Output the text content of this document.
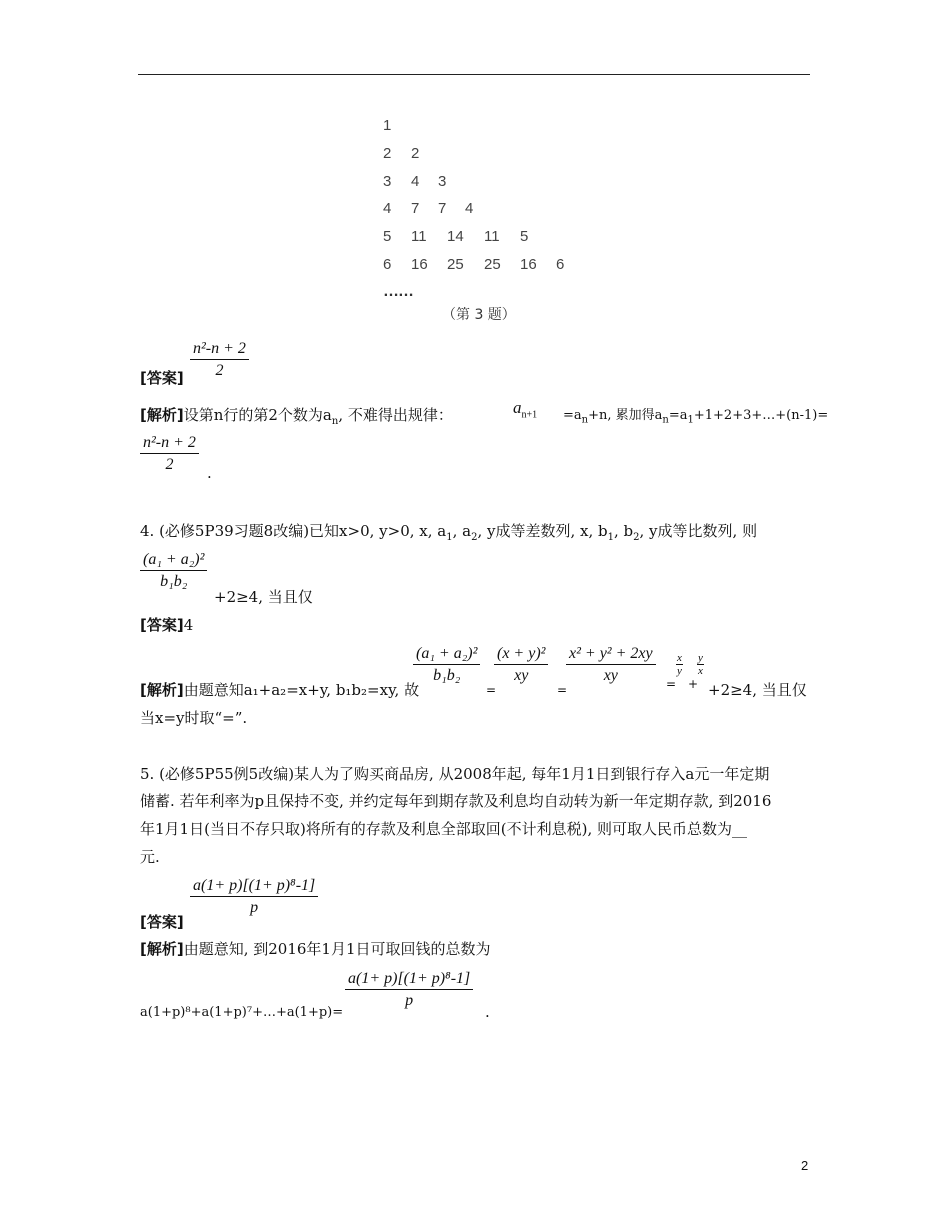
1
2 2
3 4 3
4 7 7 4
5 11 14 11 5
6 16 25 25 16 6
……
（第 3 题）
$\frac{\text{n²-n + 2}}{2}$
[答案]
[解析]设第n行的第2个数为$a_n$, 不难得出规律：	$a_{n+1} =a_n+n$, 累加得$a_n=a_1+1+2+3+\dots+(n-1)=$
$\frac{\text{n²-n + 2}}{2}$ .
4. (必修5P39习题8改编)已知x>0, y>0, x, $a_1$, $a_2$, y成等差数列, x, $b_1$, $b_2$, y成等比数列, 则
$\frac{\text{(a₁ + a₂)²}}{\text{b₁b₂}}$
+2≥4, 当且仅
[答案]4
$\frac{\text{(a₁ + a₂)²}}{\text{b₁b₂}} \frac{\text{(x + y)²}}{xy} \frac{\text{x² + y² + 2xy}}{xy}$
[解析]由题意知a₁+a₂=x+y, b₁b₂=xy, 故	=	=	=
$\frac{x}{y}$
+
$\frac{y}{x}$
+2≥4, 当且仅
当x=y时取“=”.
5. (必修5P55例5改编)某人为了购买商品房, 从2008年起, 每年1月1日到银行存入a元一年定期
储蓄. 若年利率为p且保持不变, 并约定每年到期存款及利息均自动转为新一年定期存款, 到2016
年1月1日(当日不存只取)将所有的存款及利息全部取回(不计利息税), 则可取人民币总数为__
元.
$\frac{\text{a(1+ p)[(1+ p)⁸-1]}}{p}$
[答案]
[解析]由题意知, 到2016年1月1日可取回钱的总数为
$\frac{\text{a(1+ p)[(1+ p)⁸-1]}}{p}$
a(1+p)⁸+a(1+p)⁷+…+a(1+p)=	.
2
